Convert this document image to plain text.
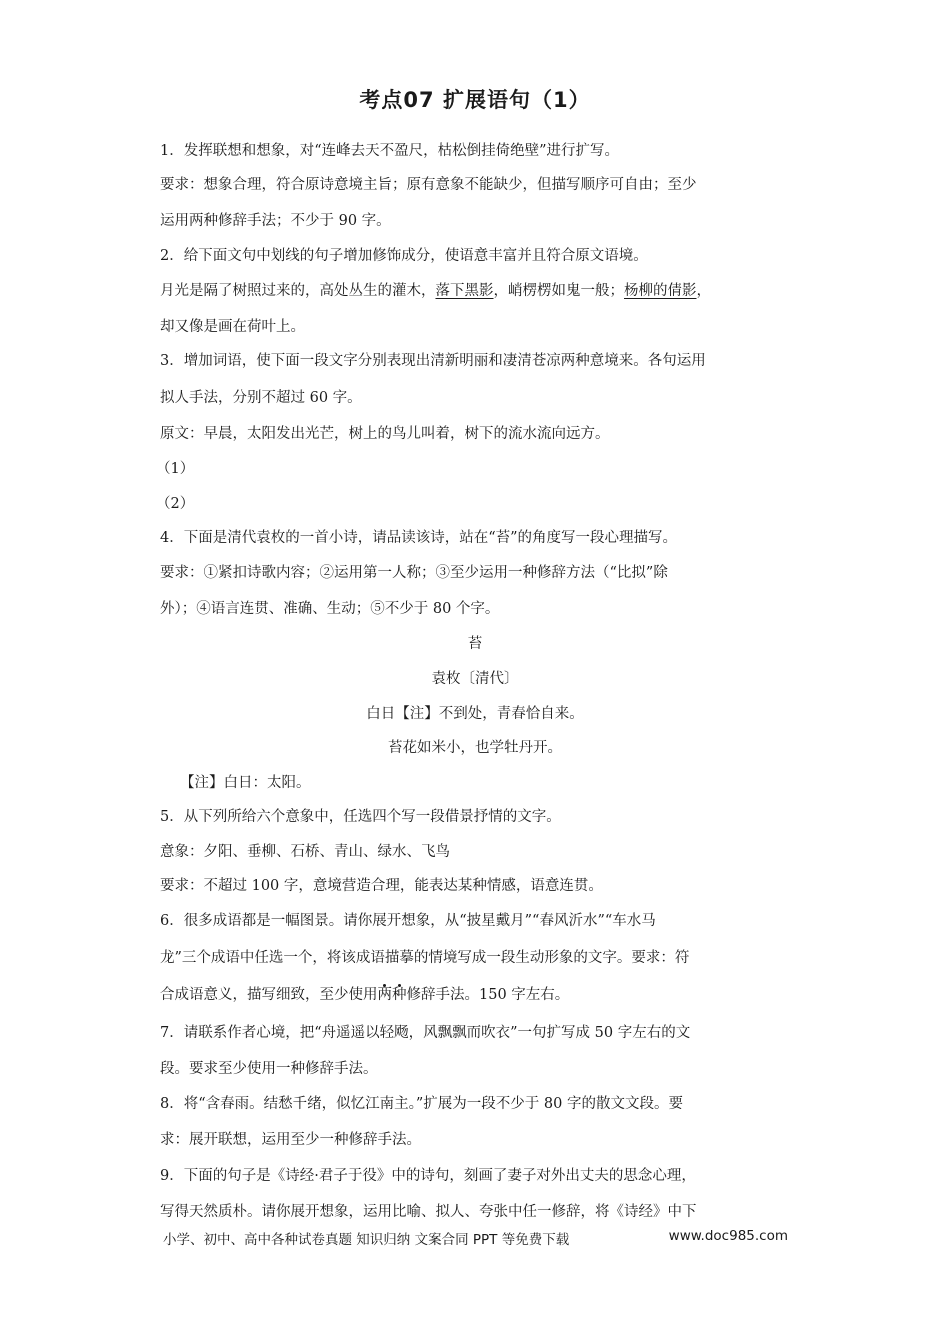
考点07 扩展语句（1）
1．发挥联想和想象，对“连峰去天不盈尺，枯松倒挂倚绝壁”进行扩写。
要求：想象合理，符合原诗意境主旨；原有意象不能缺少，但描写顺序可自由；至少
运用两种修辞手法；不少于 90 字。
2．给下面文句中划线的句子增加修饰成分，使语意丰富并且符合原文语境。
月光是隔了树照过来的，高处丛生的灌木，落下黑影，峭楞楞如鬼一般；杨柳的倩影，
却又像是画在荷叶上。
3．增加词语，使下面一段文字分别表现出清新明丽和凄清苍凉两种意境来。各句运用
拟人手法，分别不超过 60 字。
原文：早晨，太阳发出光芒，树上的鸟儿叫着，树下的流水流向远方。
（1）
（2）
4．下面是清代袁枚的一首小诗，请品读该诗，站在“苔”的角度写一段心理描写。
要求：①紧扣诗歌内容；②运用第一人称；③至少运用一种修辞方法（“比拟”除
外）；④语言连贯、准确、生动；⑤不少于 80 个字。
苔
袁枚〔清代〕
白日【注】不到处，青春恰自来。
苔花如米小，也学牡丹开。
【注】白日：太阳。
5．从下列所给六个意象中，任选四个写一段借景抒情的文字。
意象：夕阳、垂柳、石桥、青山、绿水、飞鸟
要求：不超过 100 字，意境营造合理，能表达某种情感，语意连贯。
6．很多成语都是一幅图景。请你展开想象，从“披星戴月”“春风沂水”“车水马
龙”三个成语中任选一个，将该成语描摹的情境写成一段生动形象的文字。要求：符
合成语意义，描写细致，至少使用两种修辞手法。150 字左右。
7．请联系作者心境，把“舟遥遥以轻飏，风飘飘而吹衣”一句扩写成 50 字左右的文
段。要求至少使用一种修辞手法。
8．将“含春雨。结愁千绪，似忆江南主。”扩展为一段不少于 80 字的散文文段。要
求：展开联想，运用至少一种修辞手法。
9．下面的句子是《诗经·君子于役》中的诗句，刻画了妻子对外出丈夫的思念心理，
写得天然质朴。请你展开想象，运用比喻、拟人、夸张中任一修辞，将《诗经》中下
小学、初中、高中各种试卷真题 知识归纳 文案合同 PPT 等免费下载	www.doc985.com
